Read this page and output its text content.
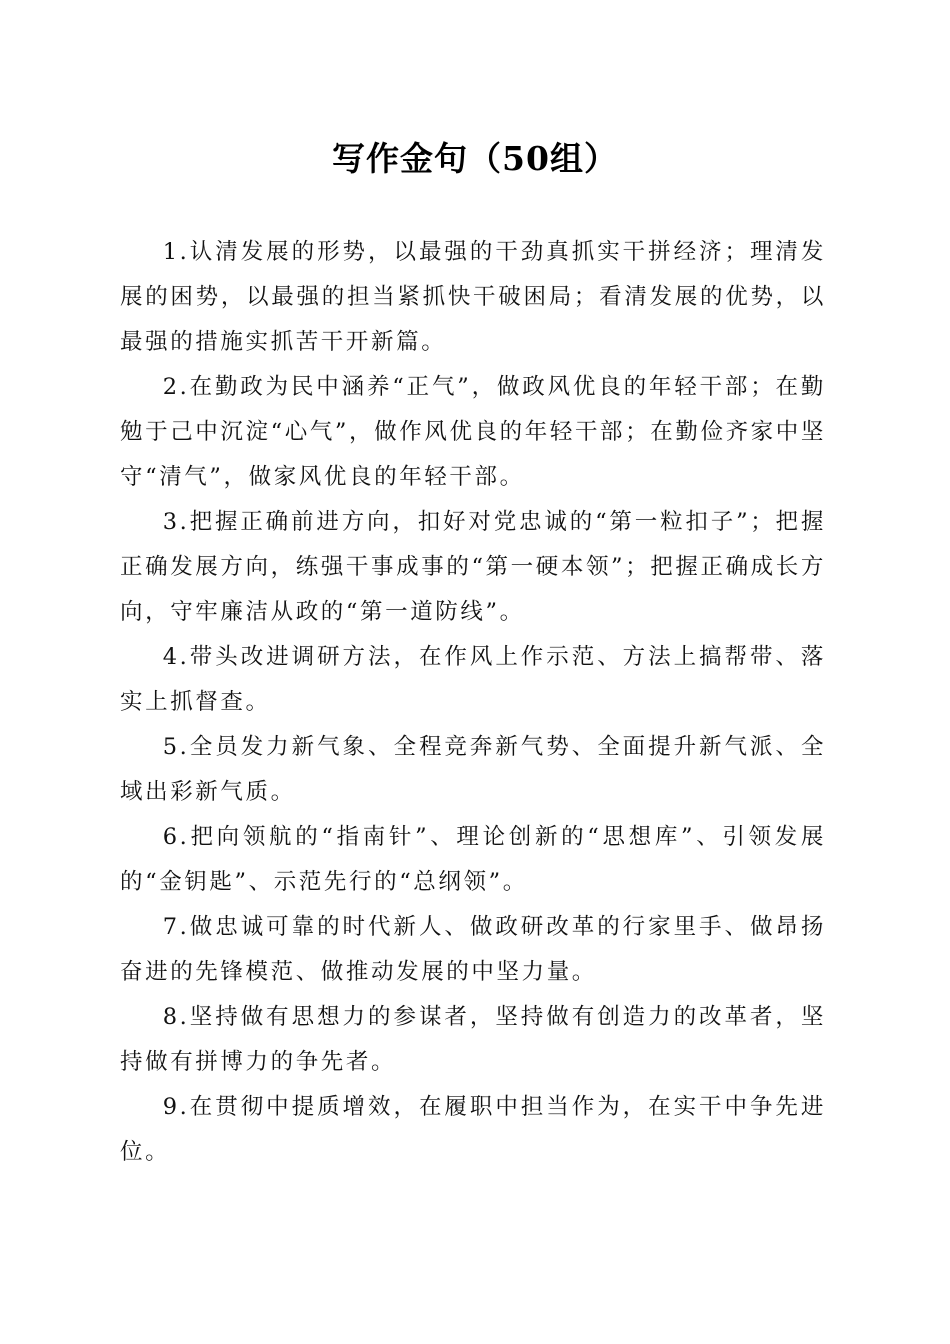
写作金句（50组）

1.认清发展的形势，以最强的干劲真抓实干拼经济；理清发展的困势，以最强的担当紧抓快干破困局；看清发展的优势，以最强的措施实抓苦干开新篇。

2.在勤政为民中涵养“正气”，做政风优良的年轻干部；在勤勉于己中沉淀“心气”，做作风优良的年轻干部；在勤俭齐家中坚守“清气”，做家风优良的年轻干部。

3.把握正确前进方向，扣好对党忠诚的“第一粒扣子”；把握正确发展方向，练强干事成事的“第一硬本领”；把握正确成长方向，守牢廉洁从政的“第一道防线”。

4.带头改进调研方法，在作风上作示范、方法上搞帮带、落实上抓督查。

5.全员发力新气象、全程竞奔新气势、全面提升新气派、全域出彩新气质。

6.把向领航的“指南针”、理论创新的“思想库”、引领发展的“金钥匙”、示范先行的“总纲领”。

7.做忠诚可靠的时代新人、做政研改革的行家里手、做昂扬奋进的先锋模范、做推动发展的中坚力量。

8.坚持做有思想力的参谋者，坚持做有创造力的改革者，坚持做有拼博力的争先者。

9.在贯彻中提质增效，在履职中担当作为，在实干中争先进位。
